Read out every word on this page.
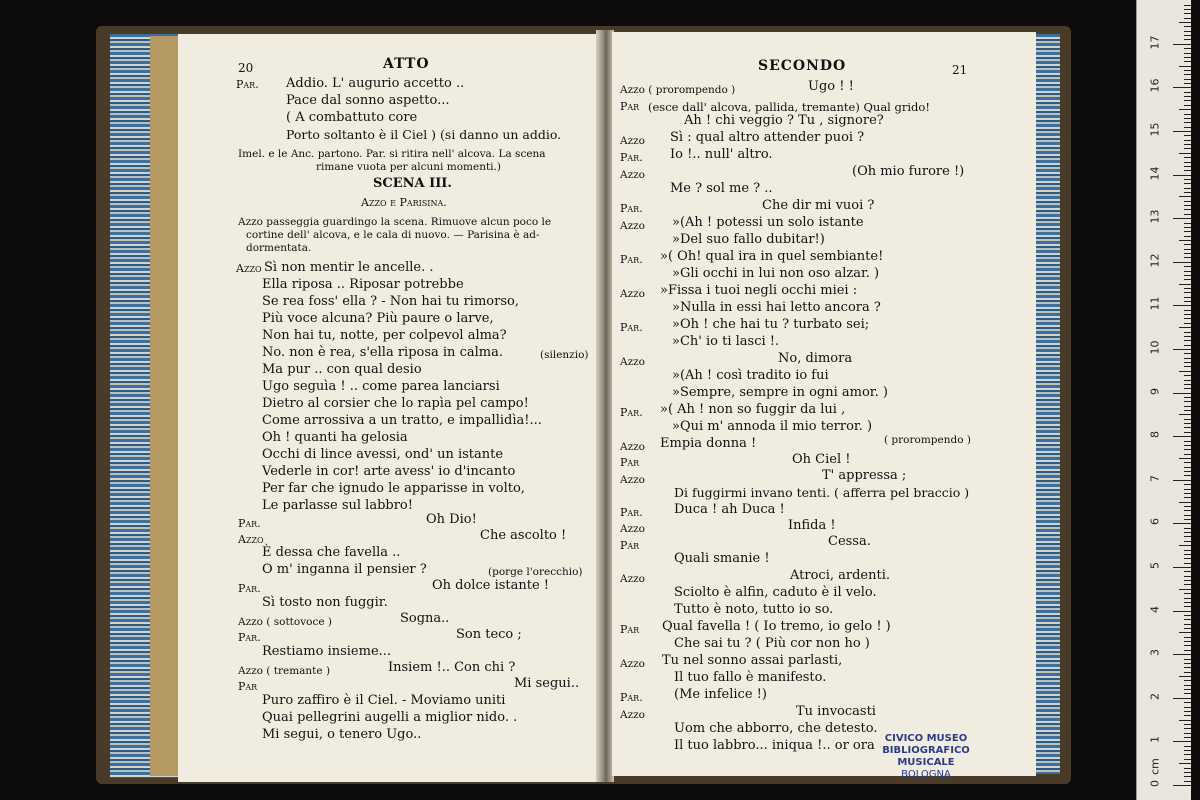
20	ATTO
Par. Addio. L' augurio accetto ..
Pace dal sonno aspetto...
( A combattuto core
Porto soltanto è il Ciel ) (si danno un addio.
Imel. e le Anc. partono. Par. si ritira nell' alcova. La scena
rimane vuota per alcuni momenti.)
SCENA III.
Azzo e Parisina.
Azzo passeggia guardingo la scena. Rimuove alcun poco le
cortine dell' alcova, e le cala di nuovo. — Parisina è ad-
dormentata.
Azzo Sì non mentir le ancelle. .
Ella riposa .. Riposar potrebbe
Se rea foss' ella ? - Non hai tu rimorso,
Più voce alcuna? Più paure o larve,
Non hai tu, notte, per colpevol alma?
No. non è rea, s'ella riposa in calma.	(silenzio)
Ma pur .. con qual desio
Ugo seguìa ! .. come parea lanciarsi
Dietro al corsier che lo rapìa pel campo!
Come arrossiva a un tratto, e impallidìa!...
Oh ! quanti ha gelosia
Occhi di lince avessi, ond' un istante
Vederle in cor! arte avess' io d'incanto
Per far che ignudo le apparisse in volto,
Le parlasse sul labbro!
Par.	Oh Dio!
Azzo	Che ascolto !
È dessa che favella ..
O m' inganna il pensier ?	(porge l'orecchio)
Par.	Oh dolce istante !
Sì tosto non fuggir.
Azzo ( sottovoce )	Sogna..
Par.	Son teco ;
Restiamo insieme...
Azzo ( tremante )	Insiem !.. Con chi ?
Par	Mi segui..
Puro zaffiro è il Ciel. - Moviamo uniti
Quai pellegrini augelli a miglior nido. .
Mi segui, o tenero Ugo..
SECONDO	21
Azzo ( prorompendo )	Ugo ! !
Par (esce dall' alcova, pallida, tremante) Qual grido!
Ah ! chi veggio ? Tu , signore?
Azzo Sì : qual altro attender puoi ?
Par. Io !.. null' altro.
Azzo	(Oh mio furore !)
Me ? sol me ? ..
Par.	Che dir mi vuoi ?
Azzo »(Ah ! potessi un solo istante
»Del suo fallo dubitar!)
Par. »( Oh! qual ira in quel sembiante!
»Gli occhi in lui non oso alzar. )
Azzo »Fissa i tuoi negli occhi miei :
»Nulla in essi hai letto ancora ?
Par. »Oh ! che hai tu ? turbato sei;
»Ch' io ti lasci !.
Azzo	No, dimora
»(Ah ! così tradito io fui
»Sempre, sempre in ogni amor. )
Par. »( Ah ! non so fuggir da lui ,
»Qui m' annoda il mio terror. )
Azzo Empia donna !	( prorompendo )
Par	Oh Ciel !
Azzo	T' appressa ;
Di fuggirmi invano tenti. ( afferra pel braccio )
Par. Duca ! ah Duca !
Azzo	Infida !
Par	Cessa.
Quali smanie !
Azzo	Atroci, ardenti.
Sciolto è alfin, caduto è il velo.
Tutto è noto, tutto io so.
Par Qual favella ! ( Io tremo, io gelo ! )
Che sai tu ? ( Più cor non ho )
Azzo Tu nel sonno assai parlasti,
Il tuo fallo è manifesto.
Par. (Me infelice !)
Azzo	Tu invocasti
Uom che abborro, che detesto.
Il tuo labbro... iniqua !.. or ora	CIVICO MUSEO
BIBLIOGRAFICO MUSICALE
BOLOGNA	cm
0
1
2
3
4
5
6
7
8
9
10
11
12
13
14
15
16
17
